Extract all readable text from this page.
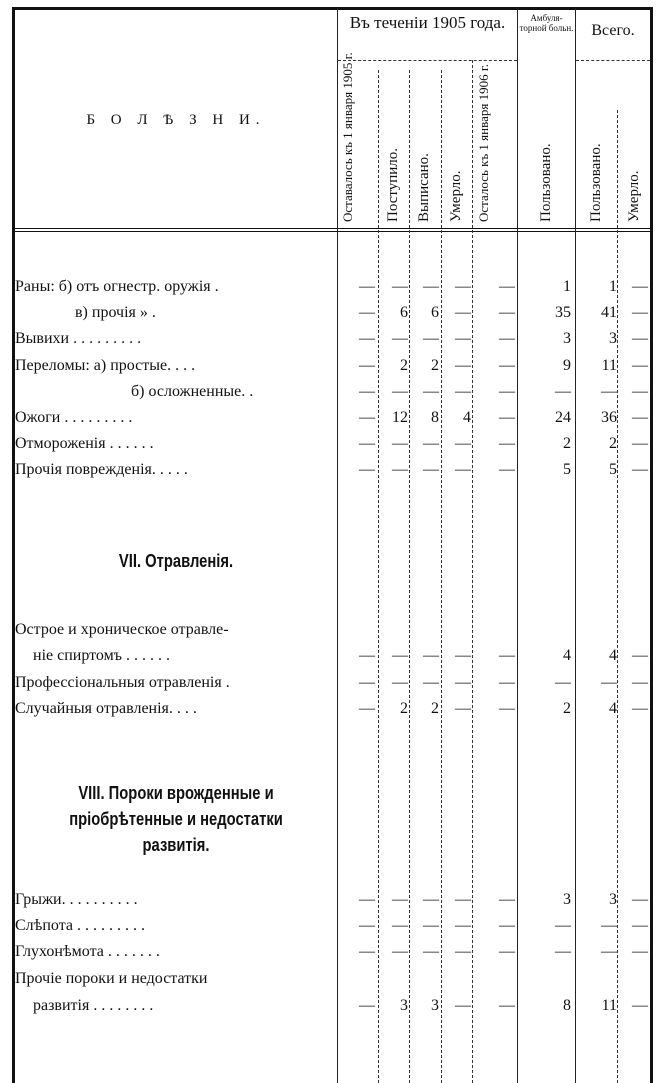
Б О Л Ѣ З Н И.
Въ теченіи 1905 года.	Амбуля- торной больн.	Всего.
Оставалось къ 1 января 1905 г.	Поступило. Выписано. Умерло. Осталось къ 1 января 1906 г.	Пользовано. Пользовано. Умерло.
Раны: б) отъ огнестр. оружія .	—	— —	—	—	1	1 —
в) прочія » .	—	6	6	—	—	35	41 —
Вывихи . . . . . . . . .	—	— —	—	—	3	3 —
Переломы: а) простые. . . .	—	2	2	—	—	9	11 —
б) осложненные. .	—	— —	—	—	—	— —
Ожоги . . . . . . . . .	—	12	8	4	—	24	36 —
Отмороженія . . . . . .	—	— —	—	—	2	2 —
Прочія поврежденія. . . . .	—	— —	—	—	5	5 —
VII. Отравленія.
Острое и хроническое отравле-
ніе спиртомъ . . . . . .	—	— —	—	—	4	4 —
Профессіональныя отравленія .	—	— —	—	—	—	— —
Случайныя отравленія. . . .	—	2	2	—	—	2	4 —
VIII. Пороки врожденные и
пріобрѣтенные и недостатки
развитія.
Грыжи. . . . . . . . . .	—	— —	—	—	3	3 —
Слѣпота . . . . . . . . .	—	— —	—	—	—	— —
Глухонѣмота . . . . . . .	—	— —	—	—	—	— —
Прочіе пороки и недостатки
развитія . . . . . . . .	—	3	3	—	—	8	11 —
